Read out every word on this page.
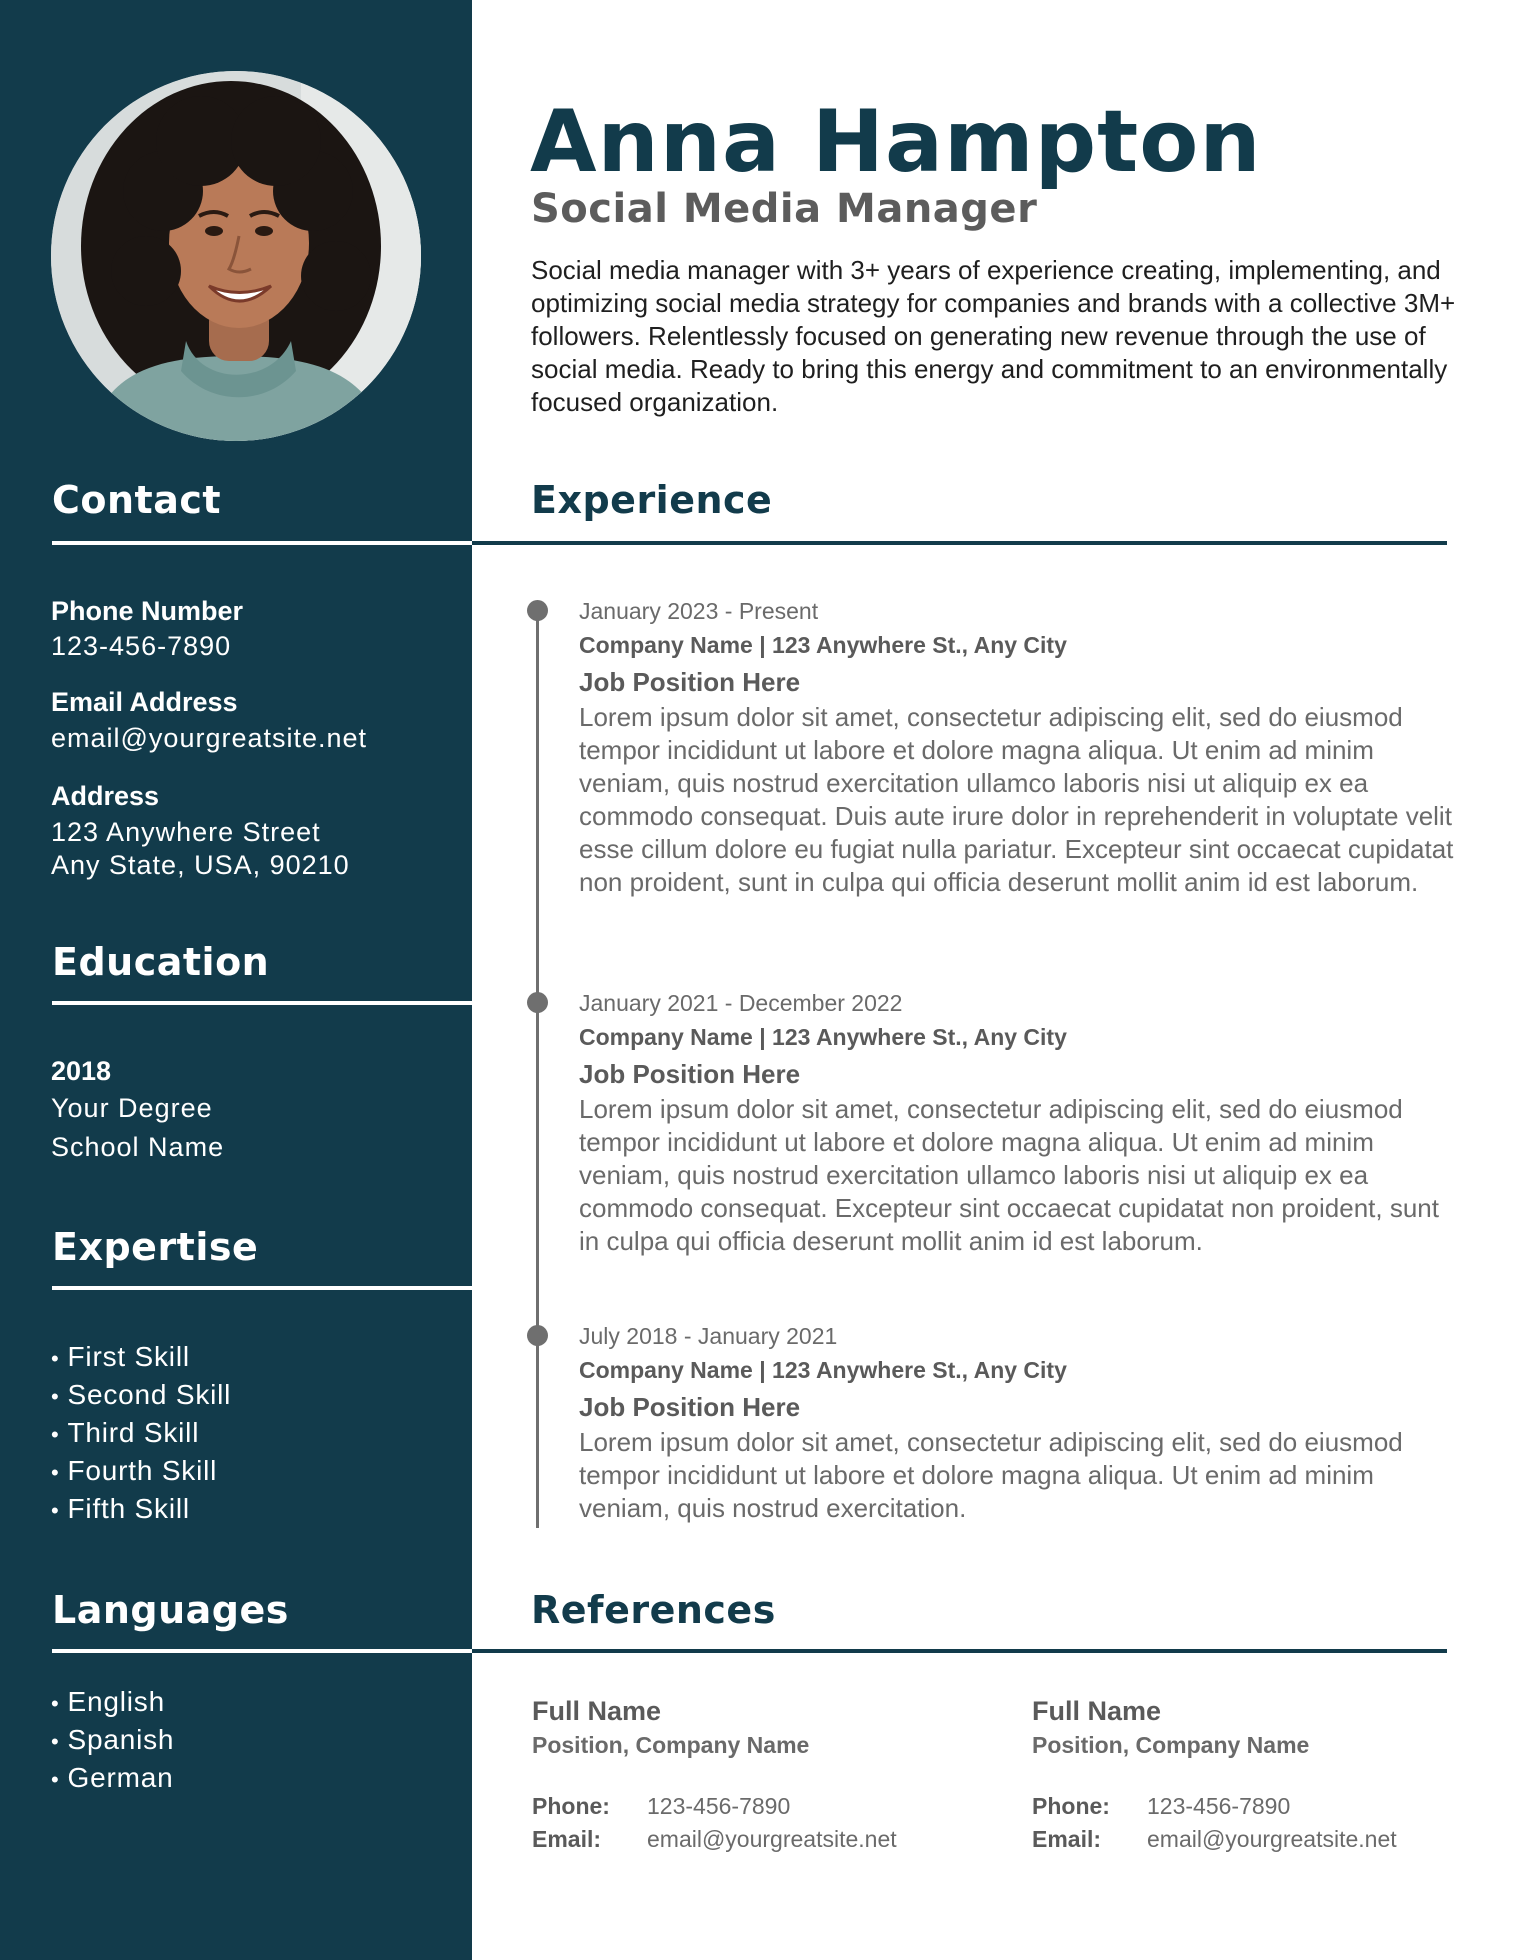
Contact
Phone Number
123-456-7890
Email Address
email@yourgreatsite.net
Address
123 Anywhere Street
Any State, USA, 90210
Education
2018
Your Degree
School Name
Expertise
• First Skill
• Second Skill
• Third Skill
• Fourth Skill
• Fifth Skill
Languages
• English
• Spanish
• German
Anna Hampton
Social Media Manager

Social media manager with 3+ years of experience creating, implementing, and optimizing social media strategy for companies and brands with a collective 3M+ followers. Relentlessly focused on generating new revenue through the use of social media. Ready to bring this energy and commitment to an environmentally focused organization.

Experience
January 2023 - Present
Company Name | 123 Anywhere St., Any City
Job Position Here

Lorem ipsum dolor sit amet, consectetur adipiscing elit, sed do eiusmod tempor incididunt ut labore et dolore magna aliqua. Ut enim ad minim veniam, quis nostrud exercitation ullamco laboris nisi ut aliquip ex ea commodo consequat. Duis aute irure dolor in reprehenderit in voluptate velit esse cillum dolore eu fugiat nulla pariatur. Excepteur sint occaecat cupidatat non proident, sunt in culpa qui officia deserunt mollit anim id est laborum.

January 2021 - December 2022
Company Name | 123 Anywhere St., Any City
Job Position Here

Lorem ipsum dolor sit amet, consectetur adipiscing elit, sed do eiusmod tempor incididunt ut labore et dolore magna aliqua. Ut enim ad minim veniam, quis nostrud exercitation ullamco laboris nisi ut aliquip ex ea commodo consequat. Excepteur sint occaecat cupidatat non proident, sunt in culpa qui officia deserunt mollit anim id est laborum.

July 2018 - January 2021
Company Name | 123 Anywhere St., Any City
Job Position Here

Lorem ipsum dolor sit amet, consectetur adipiscing elit, sed do eiusmod tempor incididunt ut labore et dolore magna aliqua. Ut enim ad minim veniam, quis nostrud exercitation.

References
Full Name
Position, Company Name
Phone:	123-456-7890
Email:	email@yourgreatsite.net
Full Name
Position, Company Name
Phone:	123-456-7890
Email:	email@yourgreatsite.net
